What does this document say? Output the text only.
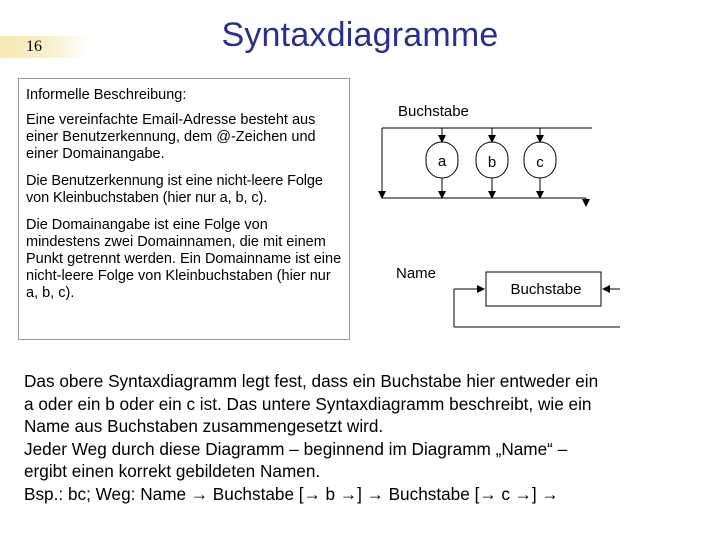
16	Syntaxdiagramme

Informelle Beschreibung:

Eine vereinfachte Email-Adresse besteht aus einer Benutzerkennung, dem @-Zeichen und einer Domainangabe.

Die Benutzerkennung ist eine nicht-leere Folge von Kleinbuchstaben (hier nur a, b, c).

Die Domainangabe ist eine Folge von mindestens zwei Domainnamen, die mit einem Punkt getrennt werden. Ein Domainname ist eine nicht-leere Folge von Kleinbuchstaben (hier nur a, b, c).

Buchstabe
a	b	c
Name
Buchstabe

Das obere Syntaxdiagramm legt fest, dass ein Buchstabe hier entweder ein

a oder ein b oder ein c ist. Das untere Syntaxdiagramm beschreibt, wie ein

Name aus Buchstaben zusammengesetzt wird.

Jeder Weg durch diese Diagramm – beginnend im Diagramm „Name“ –

ergibt einen korrekt gebildeten Namen.

Bsp.: bc; Weg: Name → Buchstabe [→ b →] → Buchstabe [→ c →] →
